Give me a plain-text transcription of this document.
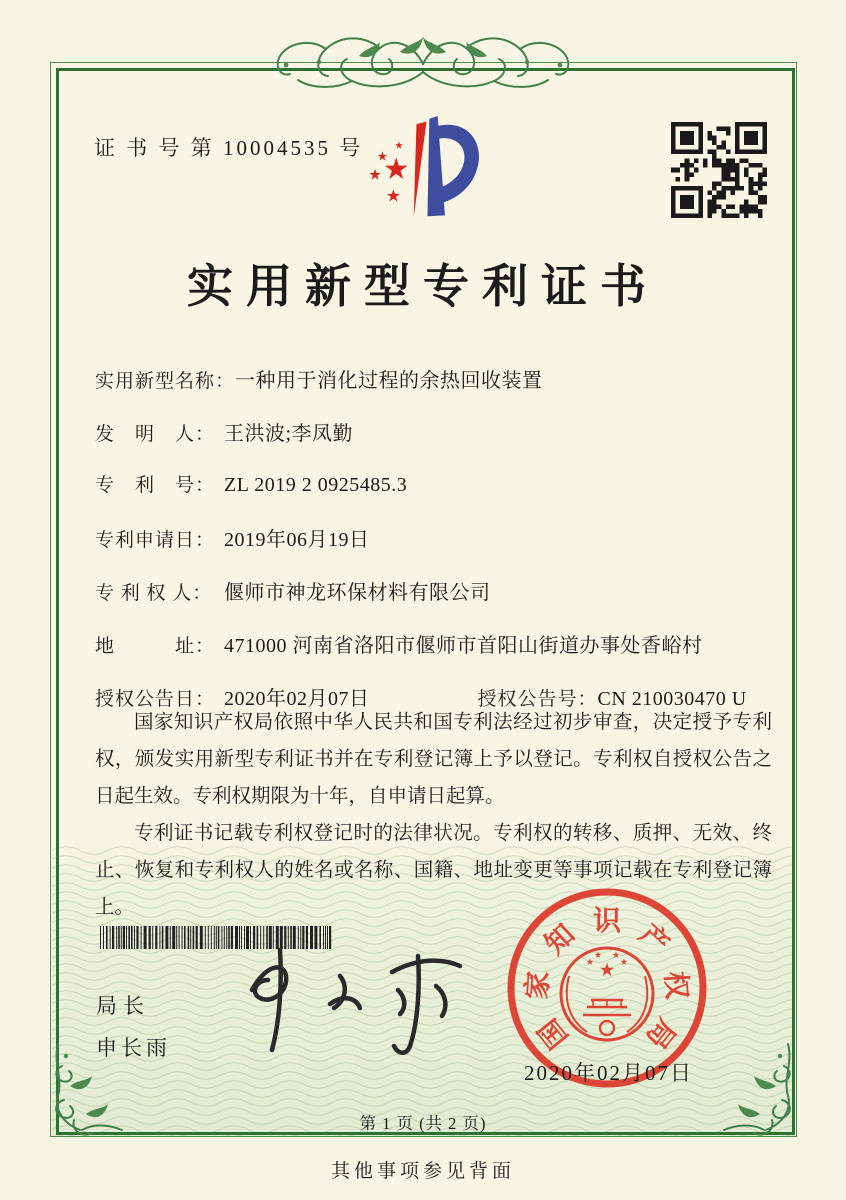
证 书 号 第 10004535 号
实用新型专利证书
实用新型名称： 一种用于消化过程的余热回收装置
发　明　人： 王洪波;李凤勤
专　利　号： ZL 2019 2 0925485.3
专利申请日： 2019年06月19日
专 利 权 人： 偃师市神龙环保材料有限公司
地　　　址： 471000 河南省洛阳市偃师市首阳山街道办事处香峪村
授权公告日： 2020年02月07日	授权公告号： CN 210030470 U

国家知识产权局依照中华人民共和国专利法经过初步审查，决定授予专利权，颁发实用新型专利证书并在专利登记簿上予以登记。专利权自授权公告之日起生效。专利权期限为十年，自申请日起算。

专利证书记载专利权登记时的法律状况。专利权的转移、质押、无效、终止、恢复和专利权人的姓名或名称、国籍、地址变更等事项记载在专利登记簿上。

局长
申长雨	国
家
知 识 产
权
局
2020年02月07日
第 1 页 (共 2 页)
其他事项参见背面
